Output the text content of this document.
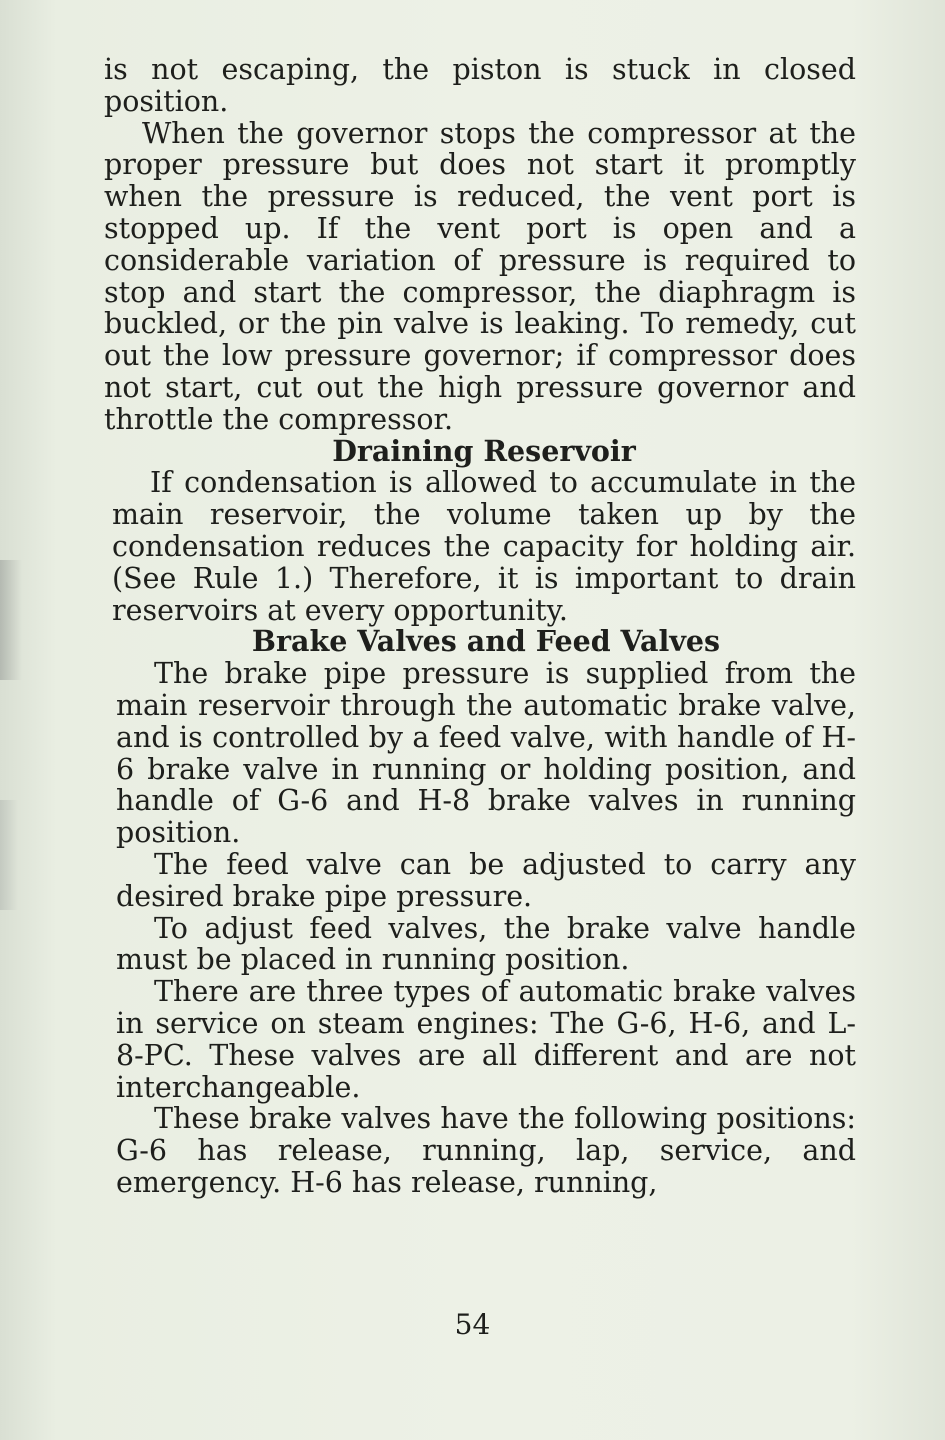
is not escaping, the piston is stuck in closed position.

When the governor stops the compressor at the proper pressure but does not start it promptly when the pressure is reduced, the vent port is stopped up. If the vent port is open and a considerable variation of pressure is required to stop and start the compressor, the diaphragm is buckled, or the pin valve is leaking. To remedy, cut out the low pressure governor; if compressor does not start, cut out the high pressure governor and throttle the compressor.

Draining Reservoir

If condensation is allowed to accumulate in the main reservoir, the volume taken up by the condensation reduces the capacity for holding air. (See Rule 1.) Therefore, it is important to drain reservoirs at every opportunity.

Brake Valves and Feed Valves

The brake pipe pressure is supplied from the main reservoir through the automatic brake valve, and is controlled by a feed valve, with handle of H-6 brake valve in running or holding position, and handle of G-6 and H-8 brake valves in running position.

The feed valve can be adjusted to carry any desired brake pipe pressure.

To adjust feed valves, the brake valve handle must be placed in running position.

There are three types of automatic brake valves in service on steam engines: The G-6, H-6, and L-8-PC. These valves are all different and are not interchangeable.

These brake valves have the following positions: G-6 has release, running, lap, service, and emergency. H-6 has release, running,

54
